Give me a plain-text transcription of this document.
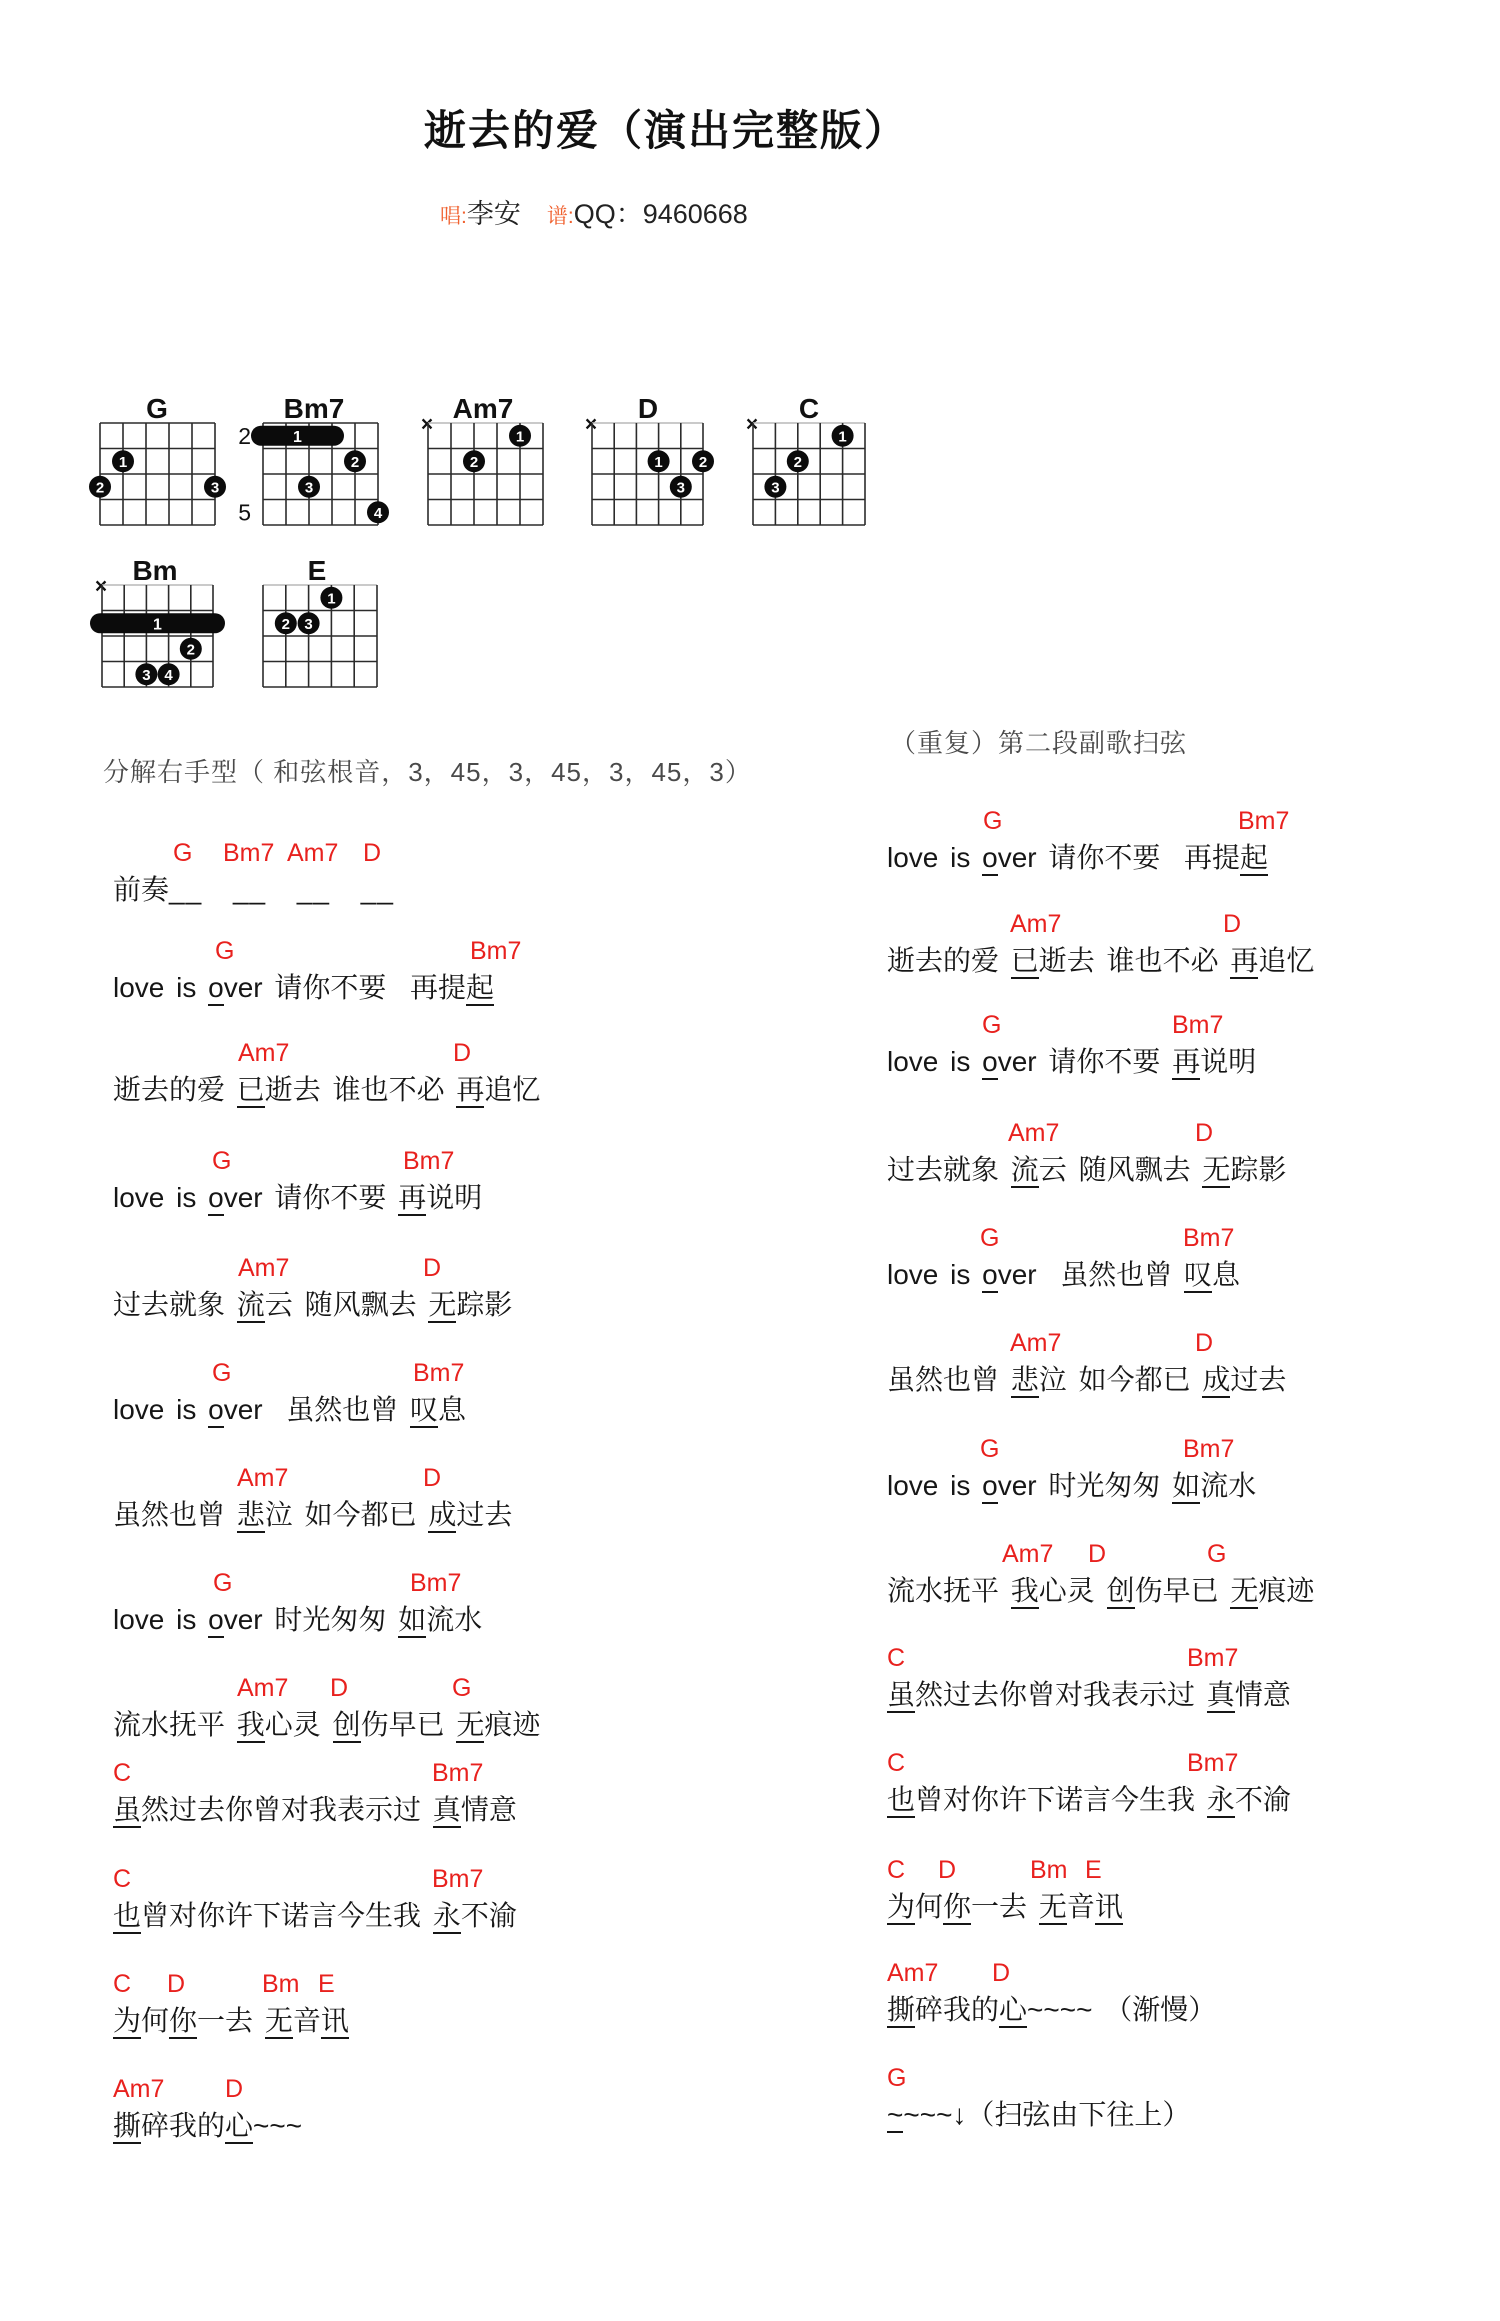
逝去的爱（演出完整版）
唱:李安 谱:QQ：9460668
G
1
2	3
Bm7
2
5
1
2
3
4
Am7
×
1
2
D
×
1 2
3
C
×
1
2
3
Bm
×
1
2
3 4
E
1
2 3
分解右手型（ 和弦根音，3，45，3，45，3，45，3）
（重复）第二段副歌扫弦
G Bm7 Am7 D
前奏__ __ __ __
G	Bm7
love is over 请你不要  再提起
Am7	D
逝去的爱 已逝去 谁也不必 再追忆
G	Bm7
love is over 请你不要 再说明
Am7	D
过去就象 流云 随风飘去 无踪影
G	Bm7
love is over  虽然也曾 叹息
Am7	D
虽然也曾 悲泣 如今都已 成过去
G	Bm7
love is over 时光匆匆 如流水
Am7 D	G
流水抚平 我心灵 创伤早已 无痕迹
C	Bm7
虽然过去你曾对我表示过 真情意
C	Bm7
也曾对你许下诺言今生我 永不渝
C D	Bm E
为何你一去 无音讯
Am7 D
撕碎我的心~~~
G	Bm7
love is over 请你不要  再提起
Am7	D
逝去的爱 已逝去 谁也不必 再追忆
G	Bm7
love is over 请你不要 再说明
Am7	D
过去就象 流云 随风飘去 无踪影
G	Bm7
love is over  虽然也曾 叹息
Am7	D
虽然也曾 悲泣 如今都已 成过去
G	Bm7
love is over 时光匆匆 如流水
Am7 D	G
流水抚平 我心灵 创伤早已 无痕迹
C	Bm7
虽然过去你曾对我表示过 真情意
C	Bm7
也曾对你许下诺言今生我 永不渝
C D	Bm E
为何你一去 无音讯
Am7 D
撕碎我的心~~~~ （渐慢）
G
~~~~↓（扫弦由下往上）
